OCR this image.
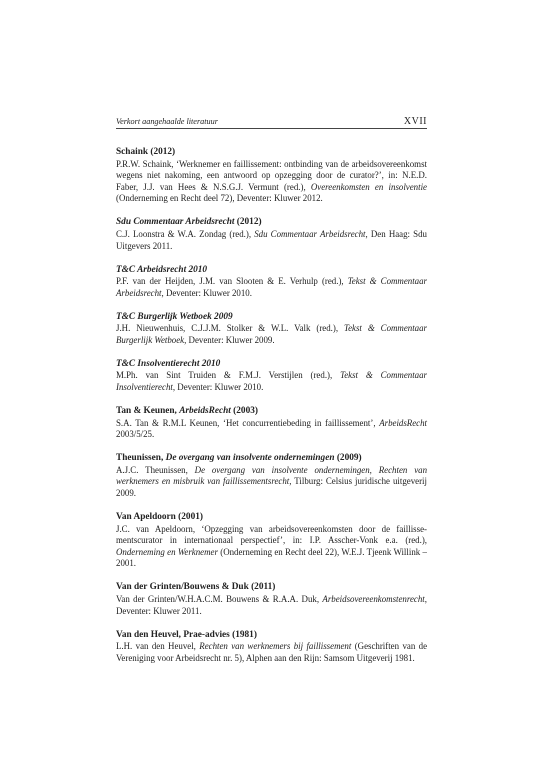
Verkort aangehaalde literatuur	XVII
Schaink (2012)
P.R.W. Schaink, ‘Werknemer en faillissement: ontbinding van de arbeidsovereenkomst wegens niet nakoming, een antwoord op opzegging door de curator?’, in: N.E.D. Faber, J.J. van Hees & N.S.G.J. Vermunt (red.), Overeenkomsten en insolventie (Onderneming en Recht deel 72), Deventer: Kluwer 2012.
Sdu Commentaar Arbeidsrecht (2012)
C.J. Loonstra & W.A. Zondag (red.), Sdu Commentaar Arbeidsrecht, Den Haag: Sdu Uitgevers 2011.
T&C Arbeidsrecht 2010
P.F. van der Heijden, J.M. van Slooten & E. Verhulp (red.), Tekst & Commentaar Arbeidsrecht, Deventer: Kluwer 2010.
T&C Burgerlijk Wetboek 2009
J.H. Nieuwenhuis, C.J.J.M. Stolker & W.L. Valk (red.), Tekst & Commentaar Burgerlijk Wetboek, Deventer: Kluwer 2009.
T&C Insolventierecht 2010
M.Ph. van Sint Truiden & F.M.J. Verstijlen (red.), Tekst & Commentaar Insolventierecht, Deventer: Kluwer 2010.
Tan & Keunen, ArbeidsRecht (2003)
S.A. Tan & R.M.L Keunen, ‘Het concurrentiebeding in faillissement’, ArbeidsRecht 2003/5/25.
Theunissen, De overgang van insolvente ondernemingen (2009)
A.J.C. Theunissen, De overgang van insolvente ondernemingen, Rechten van werknemers en misbruik van faillissementsrecht, Tilburg: Celsius juridische uitgeverij 2009.
Van Apeldoorn (2001)
J.C. van Apeldoorn, ‘Opzegging van arbeidsovereenkomsten door de faillissementscurator in internationaal perspectief’, in: I.P. Asscher-Vonk e.a. (red.), Onderneming en Werknemer (Onderneming en Recht deel 22), W.E.J. Tjeenk Willink – 2001.
Van der Grinten/Bouwens & Duk (2011)
Van der Grinten/W.H.A.C.M. Bouwens & R.A.A. Duk, Arbeidsovereenkomstenrecht, Deventer: Kluwer 2011.
Van den Heuvel, Prae-advies (1981)
L.H. van den Heuvel, Rechten van werknemers bij faillissement (Geschriften van de Vereniging voor Arbeidsrecht nr. 5), Alphen aan den Rijn: Samsom Uitgeverij 1981.
